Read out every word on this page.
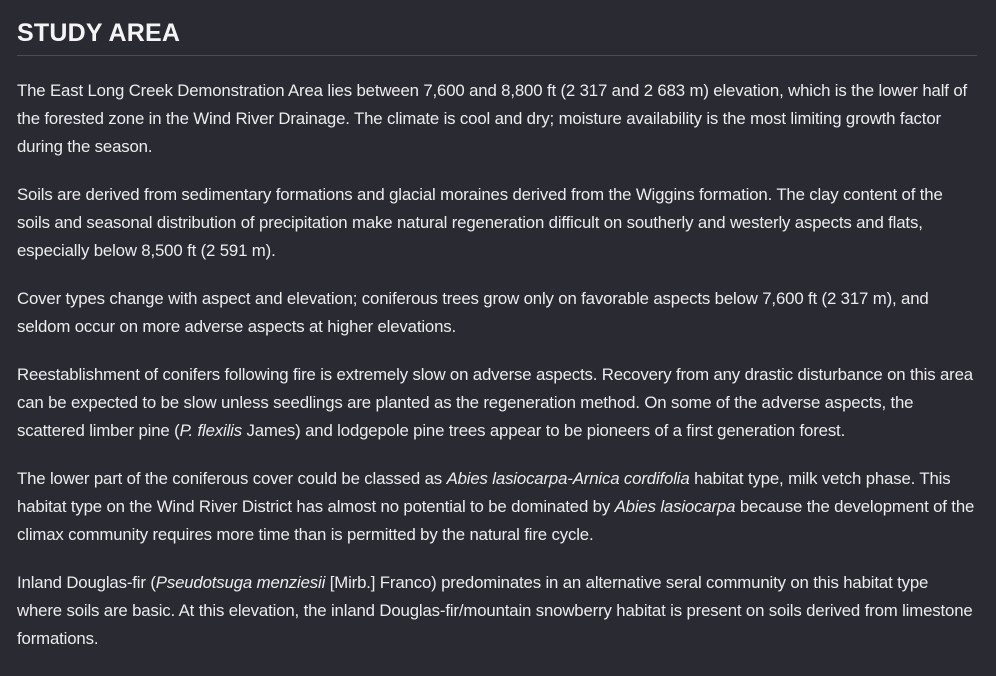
STUDY AREA

The East Long Creek Demonstration Area lies between 7,600 and 8,800 ft (2 317 and 2 683 m) elevation, which is the lower half of the forested zone in the Wind River Drainage. The climate is cool and dry; moisture availability is the most limiting growth factor during the season.

Soils are derived from sedimentary formations and glacial moraines derived from the Wiggins formation. The clay content of the soils and seasonal distribution of precipitation make natural regeneration difficult on southerly and westerly aspects and flats, especially below 8,500 ft (2 591 m).

Cover types change with aspect and elevation; coniferous trees grow only on favorable aspects below 7,600 ft (2 317 m), and seldom occur on more adverse aspects at higher elevations.

Reestablishment of conifers following fire is extremely slow on adverse aspects. Recovery from any drastic disturbance on this area can be expected to be slow unless seedlings are planted as the regeneration method. On some of the adverse aspects, the scattered limber pine (P. flexilis James) and lodgepole pine trees appear to be pioneers of a first generation forest.

The lower part of the coniferous cover could be classed as Abies lasiocarpa-Arnica cordifolia habitat type, milk vetch phase. This habitat type on the Wind River District has almost no potential to be dominated by Abies lasiocarpa because the development of the climax community requires more time than is permitted by the natural fire cycle.

Inland Douglas-fir (Pseudotsuga menziesii [Mirb.] Franco) predominates in an alternative seral community on this habitat type where soils are basic. At this elevation, the inland Douglas-fir/mountain snowberry habitat is present on soils derived from limestone formations.
